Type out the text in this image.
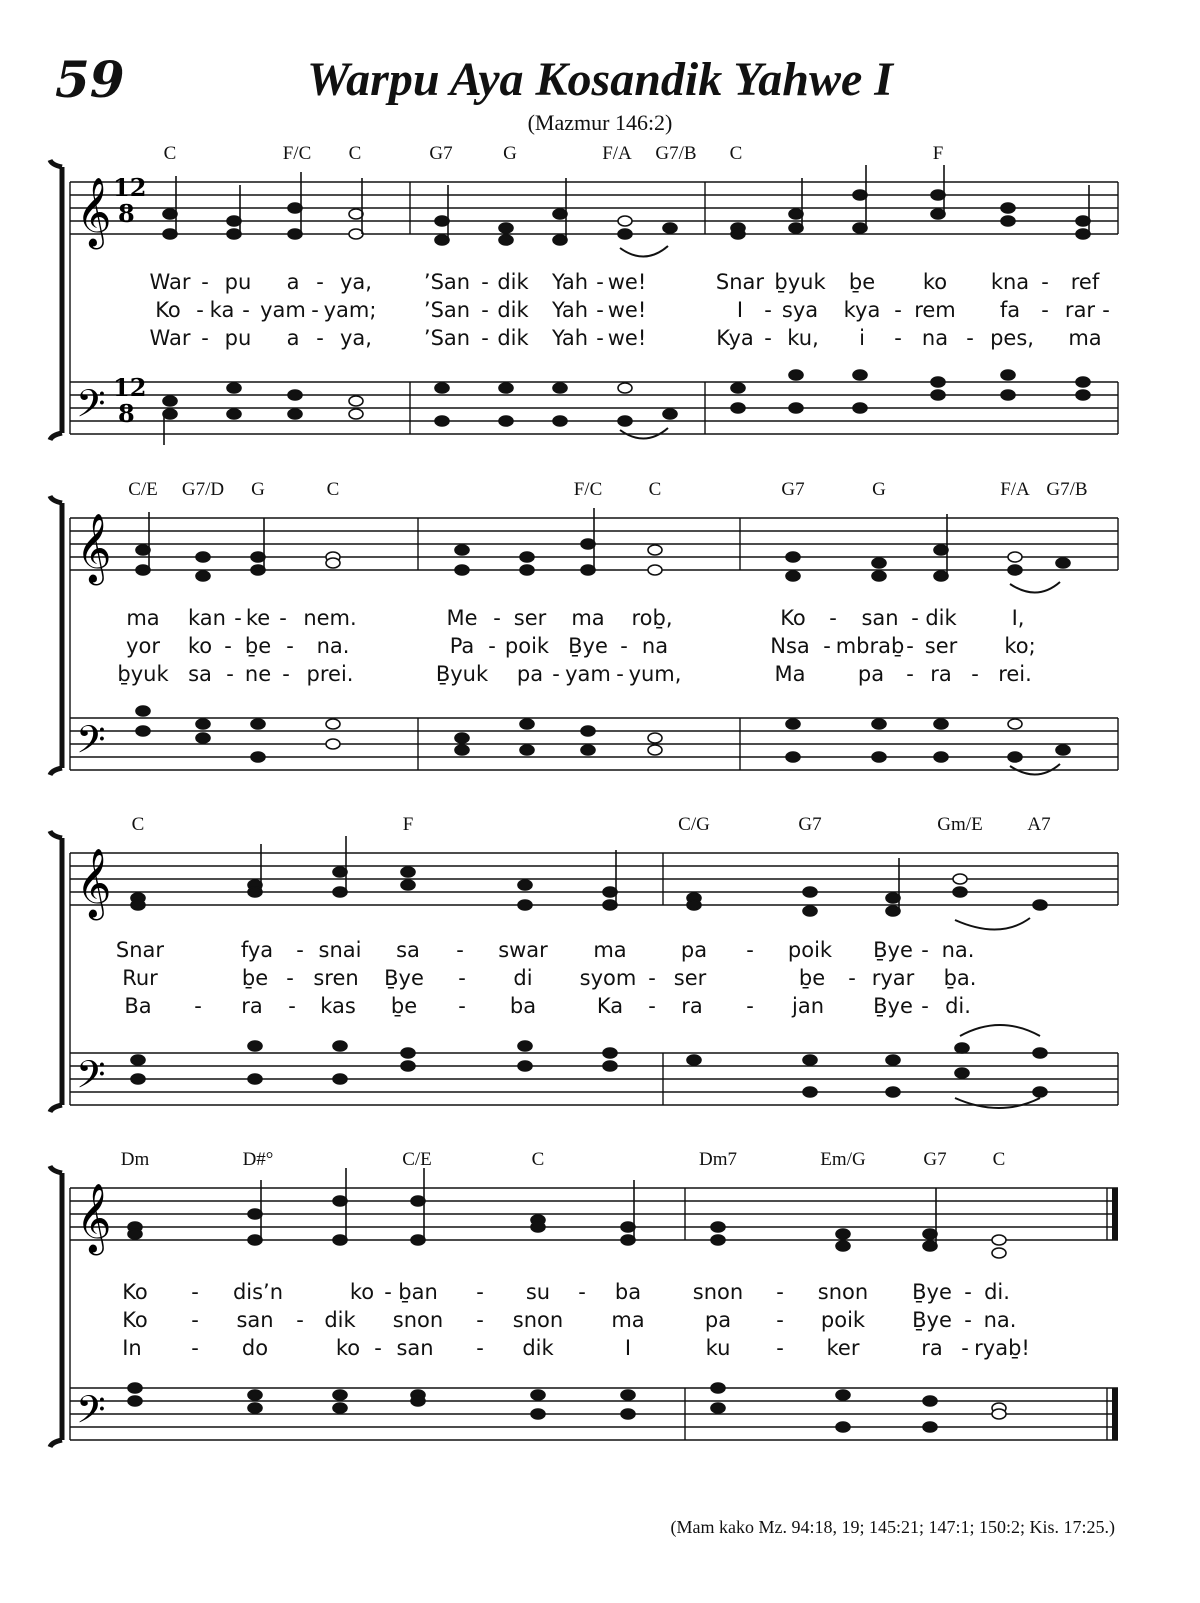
59	Warpu Aya Kosandik Yahwe I
(Mazmur 146:2)
C	F/C C	G7	G	F/A G7/B C	F
𝄞
𝄢
12
8
12
8
War - pu a - ya, ’San - dik Yah - we!	Snar ḇyuk ḇe ko kna - ref
Ko - ka - yam - yam; ’San - dik Yah - we!	I - sya kya - rem fa - rar -
War - pu a - ya, ’San - dik Yah - we!	Kya - ku, i - na - pes, ma
C/E G7/D G	C	F/C C	G7	G	F/A G7/B
𝄞
𝄢
ma kan - ke - nem.	Me - ser ma roḇ,	Ko - san - dik	I,
yor ko - ḇe - na.	Pa - poik Ḇye - na	Nsa - mbraḇ - ser ko;
ḇyuk sa - ne - prei.	Ḇyuk pa - yam - yum,	Ma pa - ra - rei.
C	F	C/G	G7	Gm/E A7
𝄞
𝄢
Snar	fya - snai sa - swar ma	pa - poik Ḇye - na.
Rur	ḇe - sren Ḇye - di syom - ser	ḇe - ryar ḇa.
Ba - ra - kas ḇe - ba	Ka - ra - jan Ḇye - di.
Dm	D#°	C/E	C	Dm7	Em/G	G7 C
𝄞
𝄢
Ko - dis’n	ko - ḇan - su - ba snon - snon Ḇye - di.
Ko - san - dik snon - snon ma	pa - poik Ḇye - na.
In - do	ko - san - dik	I	ku - ker	ra - ryaḇ!
(Mam kako Mz. 94:18, 19; 145:21; 147:1; 150:2; Kis. 17:25.)
